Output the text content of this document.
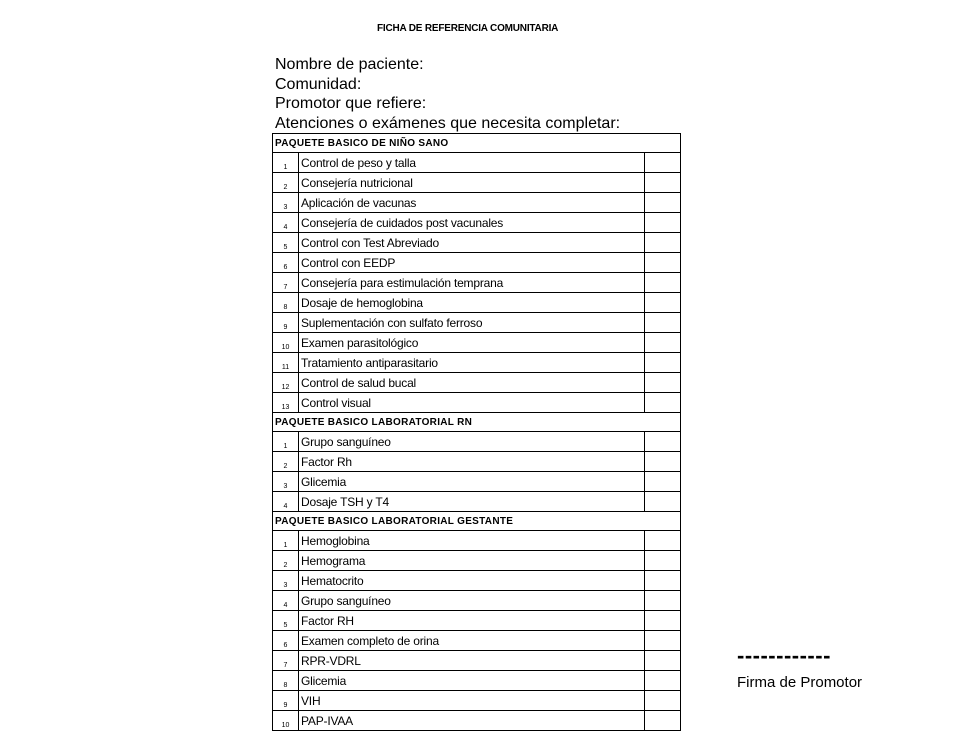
FICHA DE REFERENCIA COMUNITARIA
Nombre de paciente:
Comunidad:
Promotor que refiere:
Atenciones o exámenes que necesita completar:
PAQUETE BASICO DE NIÑO SANO		
1	Control de peso y talla	
2	Consejería nutricional	
3	Aplicación de vacunas	
4	Consejería de cuidados post vacunales	
5	Control con Test Abreviado	
6	Control con EEDP	
7	Consejería para estimulación temprana	
8	Dosaje de hemoglobina	
9	Suplementación con sulfato ferroso	
10	Examen parasitológico	
11	Tratamiento antiparasitario	
12	Control de salud bucal	
13	Control visual	
PAQUETE BASICO LABORATORIAL RN		
1	Grupo sanguíneo	
2	Factor Rh	
3	Glicemia	
4	Dosaje TSH y T4	
PAQUETE BASICO LABORATORIAL GESTANTE		
1	Hemoglobina	
2	Hemograma	
3	Hematocrito	
4	Grupo sanguíneo	
5	Factor RH	
6	Examen completo de orina	
7	RPR-VDRL	
8	Glicemia	
9	VIH	
10	PAP-IVAA	
------------
Firma de Promotor
